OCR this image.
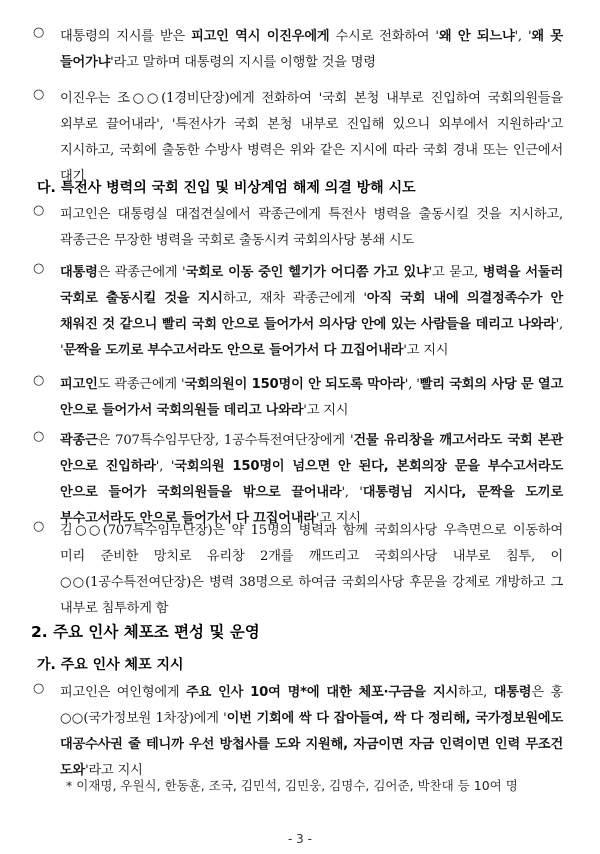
○ 대통령의 지시를 받은 피고인 역시 이진우에게 수시로 전화하여 '왜 안 되느냐', '왜 못 들어가냐'라고 말하며 대통령의 지시를 이행할 것을 명령
○ 이진우는 조○○(1경비단장)에게 전화하여 '국회 본청 내부로 진입하여 국회의원들을 외부로 끌어내라', '특전사가 국회 본청 내부로 진입해 있으니 외부에서 지원하라'고 지시하고, 국회에 출동한 수방사 병력은 위와 같은 지시에 따라 국회 경내 또는 인근에서 대기
다. 특전사 병력의 국회 진입 및 비상계엄 해제 의결 방해 시도
○ 피고인은 대통령실 대접견실에서 곽종근에게 특전사 병력을 출동시킬 것을 지시하고, 곽종근은 무장한 병력을 국회로 출동시켜 국회의사당 봉쇄 시도
○ 대통령은 곽종근에게 '국회로 이동 중인 헬기가 어디쯤 가고 있냐'고 묻고, 병력을 서둘러 국회로 출동시킬 것을 지시하고, 재차 곽종근에게 '아직 국회 내에 의결정족수가 안 채워진 것 같으니 빨리 국회 안으로 들어가서 의사당 안에 있는 사람들을 데리고 나와라', '문짝을 도끼로 부수고서라도 안으로 들어가서 다 끄집어내라'고 지시
○ 피고인도 곽종근에게 '국회의원이 150명이 안 되도록 막아라', '빨리 국회의 사당 문 열고 안으로 들어가서 국회의원들 데리고 나와라'고 지시
○ 곽종근은 707특수임무단장, 1공수특전여단장에게 '건물 유리창을 깨고서라도 국회 본관 안으로 진입하라', '국회의원 150명이 넘으면 안 된다, 본회의장 문을 부수고서라도 안으로 들어가 국회의원들을 밖으로 끌어내라', '대통령님 지시다, 문짝을 도끼로 부수고서라도 안으로 들어가서 다 끄집어내라'고 지시
○ 김○○(707특수임무단장)은 약 15명의 병력과 함께 국회의사당 우측면으로 이동하여 미리 준비한 망치로 유리창 2개를 깨뜨리고 국회의사당 내부로 침투, 이○○(1공수특전여단장)은 병력 38명으로 하여금 국회의사당 후문을 강제로 개방하고 그 내부로 침투하게 함
2. 주요 인사 체포조 편성 및 운영
가. 주요 인사 체포 지시
○ 피고인은 여인형에게 주요 인사 10여 명*에 대한 체포·구금을 지시하고, 대통령은 홍○○(국가정보원 1차장)에게 '이번 기회에 싹 다 잡아들여, 싹 다 정리해, 국가정보원에도 대공수사권 줄 테니까 우선 방첩사를 도와 지원해, 자금이면 자금 인력이면 인력 무조건 도와'라고 지시
* 이재명, 우원식, 한동훈, 조국, 김민석, 김민웅, 김명수, 김어준, 박찬대 등 10여 명
- 3 -
